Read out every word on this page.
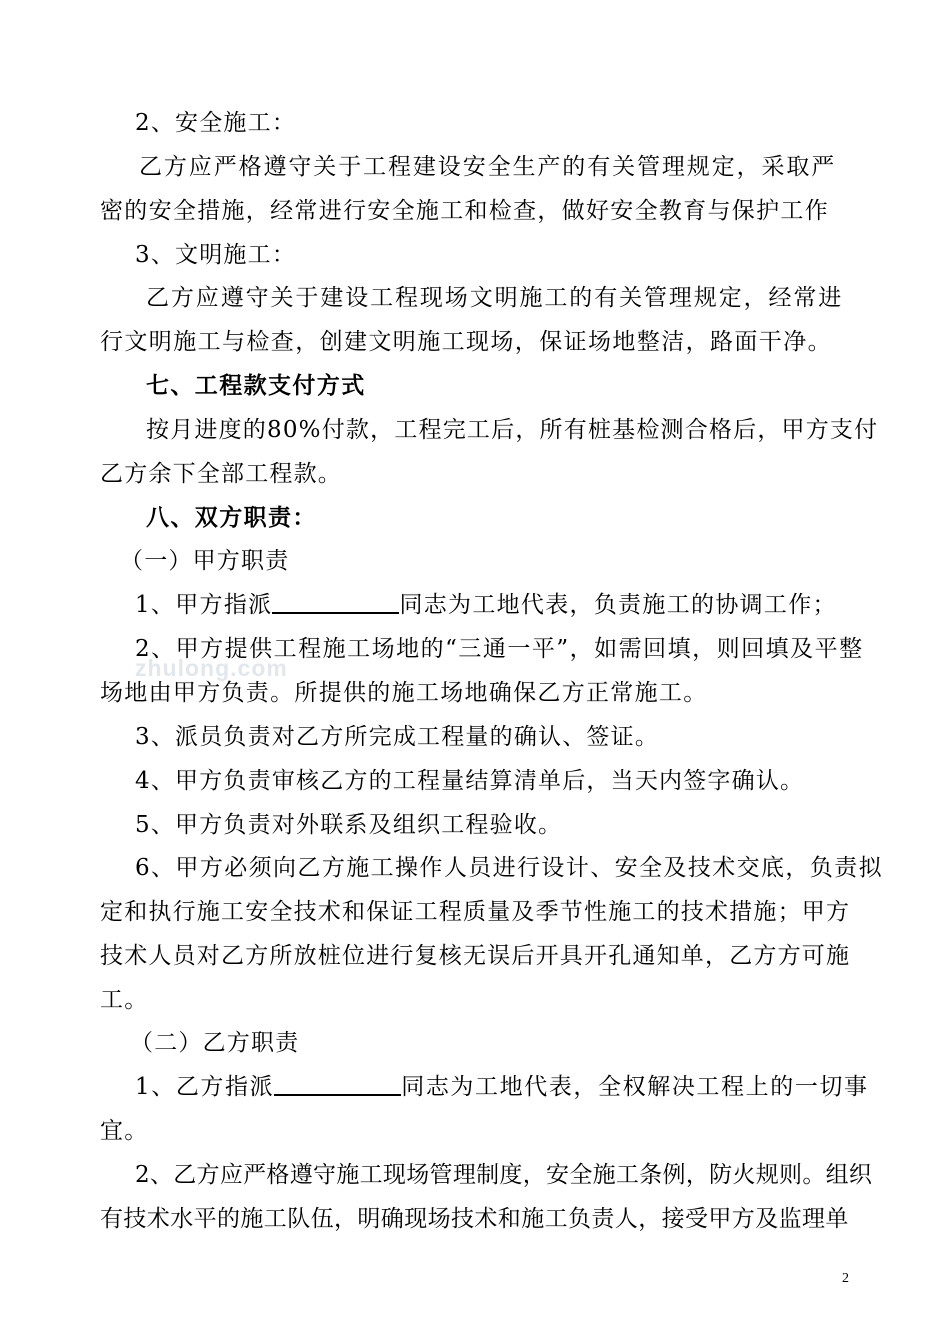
zhulong.com
2、安全施工：
乙方应严格遵守关于工程建设安全生产的有关管理规定，采取严
密的安全措施，经常进行安全施工和检查，做好安全教育与保护工作
3、文明施工：
乙方应遵守关于建设工程现场文明施工的有关管理规定，经常进
行文明施工与检查，创建文明施工现场，保证场地整洁，路面干净。
七、工程款支付方式
按月进度的80%付款，工程完工后，所有桩基检测合格后，甲方支付
乙方余下全部工程款。
八、双方职责：
（一）甲方职责
1、甲方指派	同志为工地代表，负责施工的协调工作；
2、甲方提供工程施工场地的“三通一平”，如需回填，则回填及平整
场地由甲方负责。所提供的施工场地确保乙方正常施工。
3、派员负责对乙方所完成工程量的确认、签证。
4、甲方负责审核乙方的工程量结算清单后，当天内签字确认。
5、甲方负责对外联系及组织工程验收。
6、甲方必须向乙方施工操作人员进行设计、安全及技术交底，负责拟
定和执行施工安全技术和保证工程质量及季节性施工的技术措施；甲方
技术人员对乙方所放桩位进行复核无误后开具开孔通知单，乙方方可施
工。
（二）乙方职责
1、乙方指派	同志为工地代表，全权解决工程上的一切事
宜。
2、乙方应严格遵守施工现场管理制度，安全施工条例，防火规则。组织
有技术水平的施工队伍，明确现场技术和施工负责人，接受甲方及监理单
2
